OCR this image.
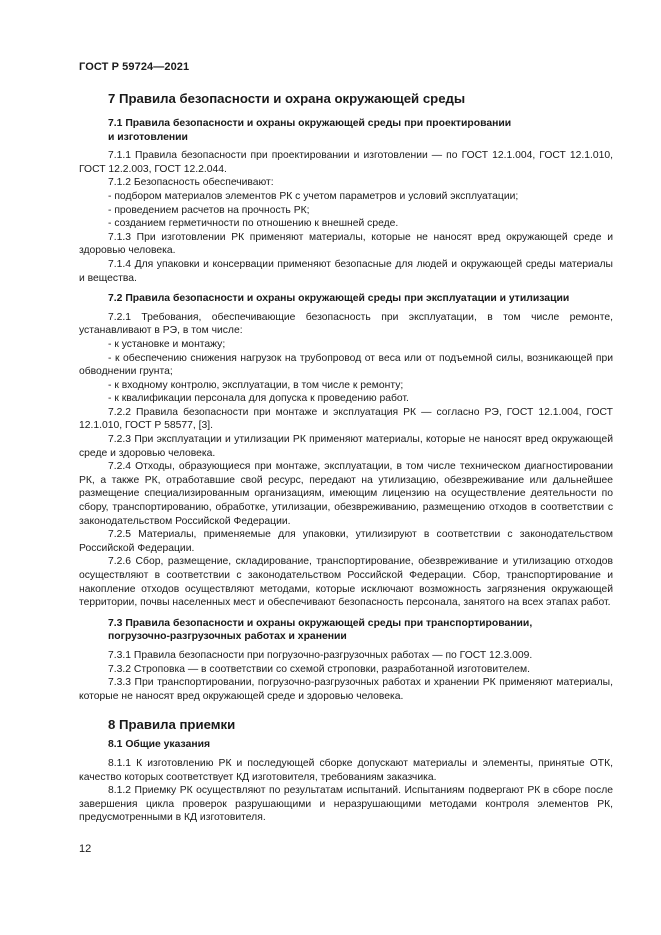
ГОСТ Р 59724—2021
7 Правила безопасности и охрана окружающей среды
7.1 Правила безопасности и охраны окружающей среды при проектировании
и изготовлении

7.1.1 Правила безопасности при проектировании и изготовлении — по ГОСТ 12.1.004, ГОСТ 12.1.010, ГОСТ 12.2.003, ГОСТ 12.2.044.

7.1.2 Безопасность обеспечивают:

- подбором материалов элементов РК с учетом параметров и условий эксплуатации;

- проведением расчетов на прочность РК;

- созданием герметичности по отношению к внешней среде.

7.1.3 При изготовлении РК применяют материалы, которые не наносят вред окружающей среде и здоровью человека.

7.1.4 Для упаковки и консервации применяют безопасные для людей и окружающей среды материалы и вещества.

7.2 Правила безопасности и охраны окружающей среды при эксплуатации и утилизации

7.2.1 Требования, обеспечивающие безопасность при эксплуатации, в том числе ремонте, устанавливают в РЭ, в том числе:

- к установке и монтажу;

- к обеспечению снижения нагрузок на трубопровод от веса или от подъемной силы, возникающей при обводнении грунта;

- к входному контролю, эксплуатации, в том числе к ремонту;

- к квалификации персонала для допуска к проведению работ.

7.2.2 Правила безопасности при монтаже и эксплуатация РК — согласно РЭ, ГОСТ 12.1.004, ГОСТ 12.1.010, ГОСТ Р 58577, [3].

7.2.3 При эксплуатации и утилизации РК применяют материалы, которые не наносят вред окружающей среде и здоровью человека.

7.2.4 Отходы, образующиеся при монтаже, эксплуатации, в том числе техническом диагностировании РК, а также РК, отработавшие свой ресурс, передают на утилизацию, обезвреживание или дальнейшее размещение специализированным организациям, имеющим лицензию на осуществление деятельности по сбору, транспортированию, обработке, утилизации, обезвреживанию, размещению отходов в соответствии с законодательством Российской Федерации.

7.2.5 Материалы, применяемые для упаковки, утилизируют в соответствии с законодательством Российской Федерации.

7.2.6 Сбор, размещение, складирование, транспортирование, обезвреживание и утилизацию отходов осуществляют в соответствии с законодательством Российской Федерации. Сбор, транспортирование и накопление отходов осуществляют методами, которые исключают возможность загрязнения окружающей территории, почвы населенных мест и обеспечивают безопасность персонала, занятого на всех этапах работ.

7.3 Правила безопасности и охраны окружающей среды при транспортировании,
погрузочно-разгрузочных работах и хранении

7.3.1 Правила безопасности при погрузочно-разгрузочных работах — по ГОСТ 12.3.009.

7.3.2 Строповка — в соответствии со схемой строповки, разработанной изготовителем.

7.3.3 При транспортировании, погрузочно-разгрузочных работах и хранении РК применяют материалы, которые не наносят вред окружающей среде и здоровью человека.

8 Правила приемки
8.1 Общие указания

8.1.1 К изготовлению РК и последующей сборке допускают материалы и элементы, принятые ОТК, качество которых соответствует КД изготовителя, требованиям заказчика.

8.1.2 Приемку РК осуществляют по результатам испытаний. Испытаниям подвергают РК в сборе после завершения цикла проверок разрушающими и неразрушающими методами контроля элементов РК, предусмотренными в КД изготовителя.

12
